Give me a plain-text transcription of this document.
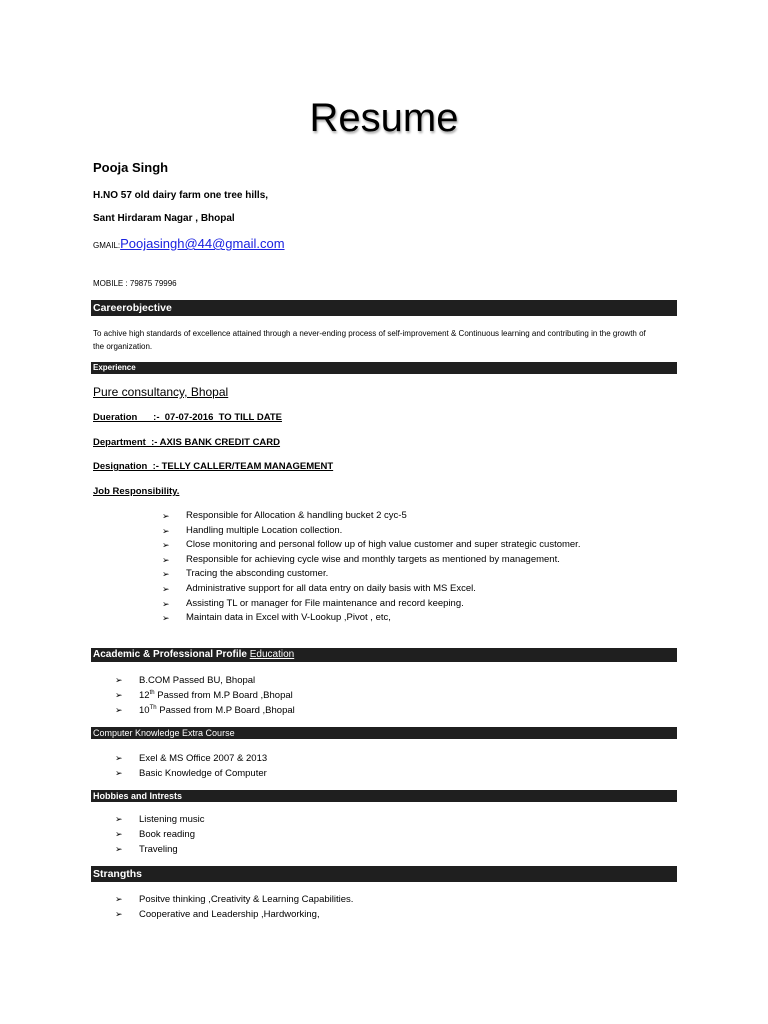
Resume
Pooja Singh
H.NO 57 old dairy farm one tree hills,
Sant Hirdaram Nagar , Bhopal
GMAIL:Poojasingh@44@gmail.com
MOBILE : 79875 79996
Careerobjective
To achive high standards of excellence attained through a never-ending process of self-improvement & Continuous learning and contributing in the growth of the organization.
Experience
Pure consultancy, Bhopal
Dueration      :-  07-07-2016  TO TILL DATE
Department  :- AXIS BANK CREDIT CARD
Designation  :- TELLY CALLER/TEAM MANAGEMENT
Job Responsibility.
➢ Responsible for Allocation & handling bucket 2 cyc-5
➢ Handling multiple Location collection.
➢ Close monitoring and personal follow up of high value customer and super strategic customer.
➢ Responsible for achieving cycle wise and monthly targets as mentioned by management.
➢ Tracing the absconding customer.
➢ Administrative support for all data entry on daily basis with MS Excel.
➢ Assisting TL or manager for File maintenance and record keeping.
➢ Maintain data in Excel with V-Lookup ,Pivot , etc,
Academic & Professional Profile Education
➢ B.COM Passed BU, Bhopal
➢ 12th Passed from M.P Board ,Bhopal
➢ 10Th Passed from M.P Board ,Bhopal
Computer Knowledge Extra Course
➢ Exel & MS Office 2007 & 2013
➢ Basic Knowledge of Computer
Hobbies and Intrests
➢ Listening music
➢ Book reading
➢ Traveling
Strangths
➢ Positve thinking ,Creativity & Learning Capabilities.
➢ Cooperative and Leadership ,Hardworking,
